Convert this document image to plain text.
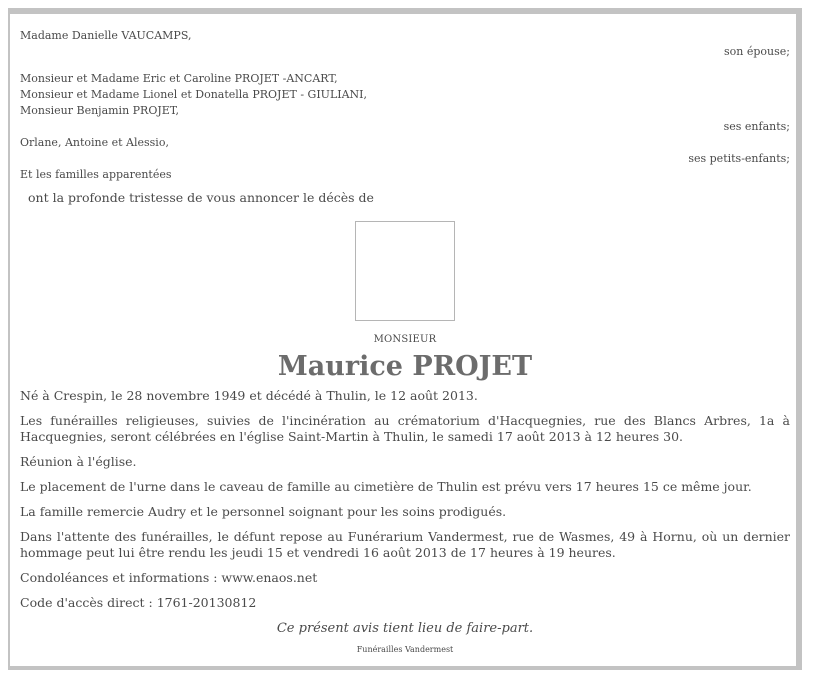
Madame Danielle VAUCAMPS,

son épouse;

Monsieur et Madame Eric et Caroline PROJET -ANCART,

Monsieur et Madame Lionel et Donatella PROJET - GIULIANI,

Monsieur Benjamin PROJET,

ses enfants;

Orlane, Antoine et Alessio,

ses petits-enfants;

Et les familles apparentées

ont la profonde tristesse de vous annoncer le décès de

MONSIEUR
Maurice PROJET

Né à Crespin, le 28 novembre 1949 et décédé à Thulin, le 12 août 2013.

Les funérailles religieuses, suivies de l'incinération au crématorium d'Hacquegnies, rue des Blancs Arbres, 1a à Hacquegnies, seront célébrées en l'église Saint-Martin à Thulin, le samedi 17 août 2013 à 12 heures 30.

Réunion à l'église.

Le placement de l'urne dans le caveau de famille au cimetière de Thulin est prévu vers 17 heures 15 ce même jour.

La famille remercie Audry et le personnel soignant pour les soins prodigués.

Dans l'attente des funérailles, le défunt repose au Funérarium Vandermest, rue de Wasmes, 49 à Hornu, où un dernier hommage peut lui être rendu les jeudi 15 et vendredi 16 août 2013 de 17 heures à 19 heures.

Condoléances et informations : www.enaos.net

Code d'accès direct : 1761-20130812

Ce présent avis tient lieu de faire-part.
Funérailles Vandermest
